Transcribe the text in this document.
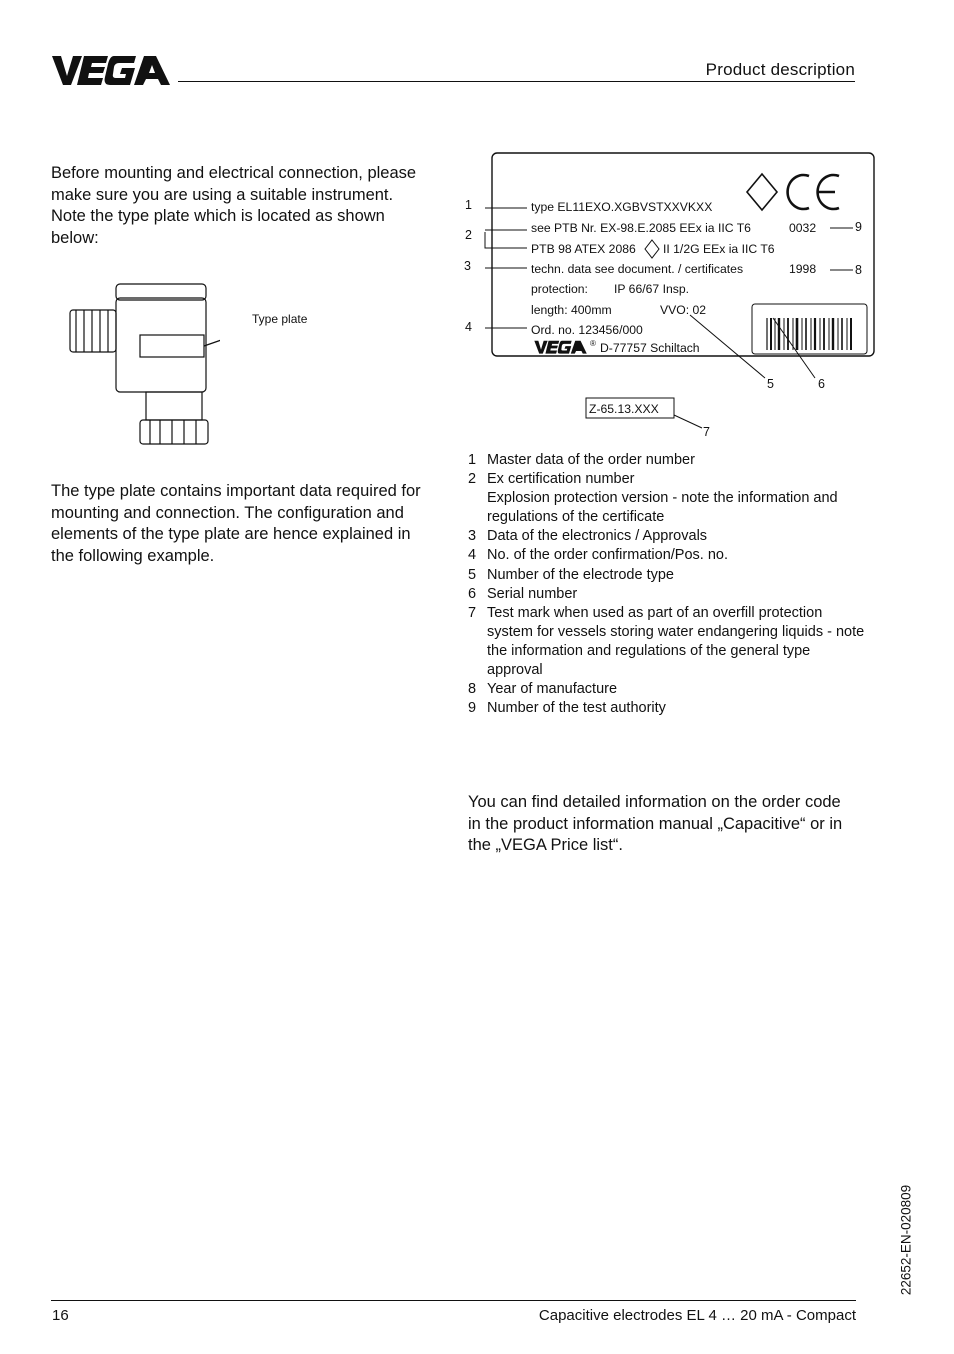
Product description
Before mounting and electrical connection, please make sure you are using a suitable instrument. Note the type plate which is located as shown below:
Type plate
The type plate contains important data required for mounting and connection. The configuration and elements of the type plate are hence explained in the following example.
type EL11EXO.XGBVSTXXVKXX
see PTB Nr. EX-98.E.2085 EEx ia IIC T6
PTB 98 ATEX 2086 II 1/2G EEx ia IIC T6
techn. data see document. / certificates
protection: IP 66/67 Insp.
length: 400mm	VVO: 02
Ord. no. 123456/000
® D-77757 Schiltach
0032
1998
Z-65.13.XXX
1
2
3
4
5	6
7
8
9
1 Master data of the order number
2 Ex certification number
Explosion protection version - note the information and regulations of the certificate
3 Data of the electronics / Approvals
4 No. of the order confirmation/Pos. no.
5 Number of the electrode type
6 Serial number
7 Test mark when used as part of an overfill protection system for vessels storing water endangering liquids - note the information and regulations of the general type approval
8 Year of manufacture
9 Number of the test authority
You can find detailed information on the order code in the product information manual „Capacitive“ or in the „VEGA Price list“.
16	Capacitive electrodes EL 4 … 20 mA - Compact
22652-EN-020809
